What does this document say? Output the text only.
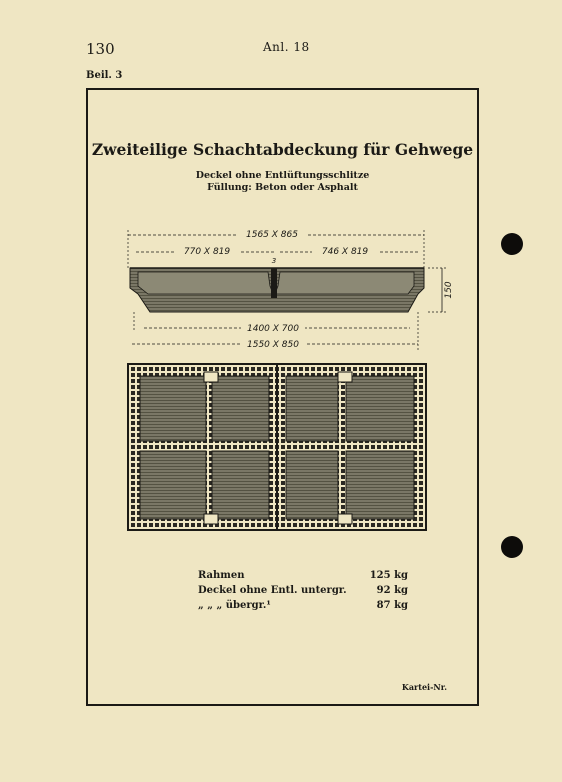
130	Anl. 18
Beil. 3
Zweiteilige Schachtabdeckung für Gehwege
Deckel ohne Entlüftungsschlitze
Füllung: Beton oder Asphalt
1565 X 865
770 X 819	746 X 819
3
150
1400 X 700
1550 X 850
Rahmen	125 kg
Deckel ohne Entl. untergr.	92 kg
„ „ „ übergr.¹	87 kg
Kartei-Nr.
